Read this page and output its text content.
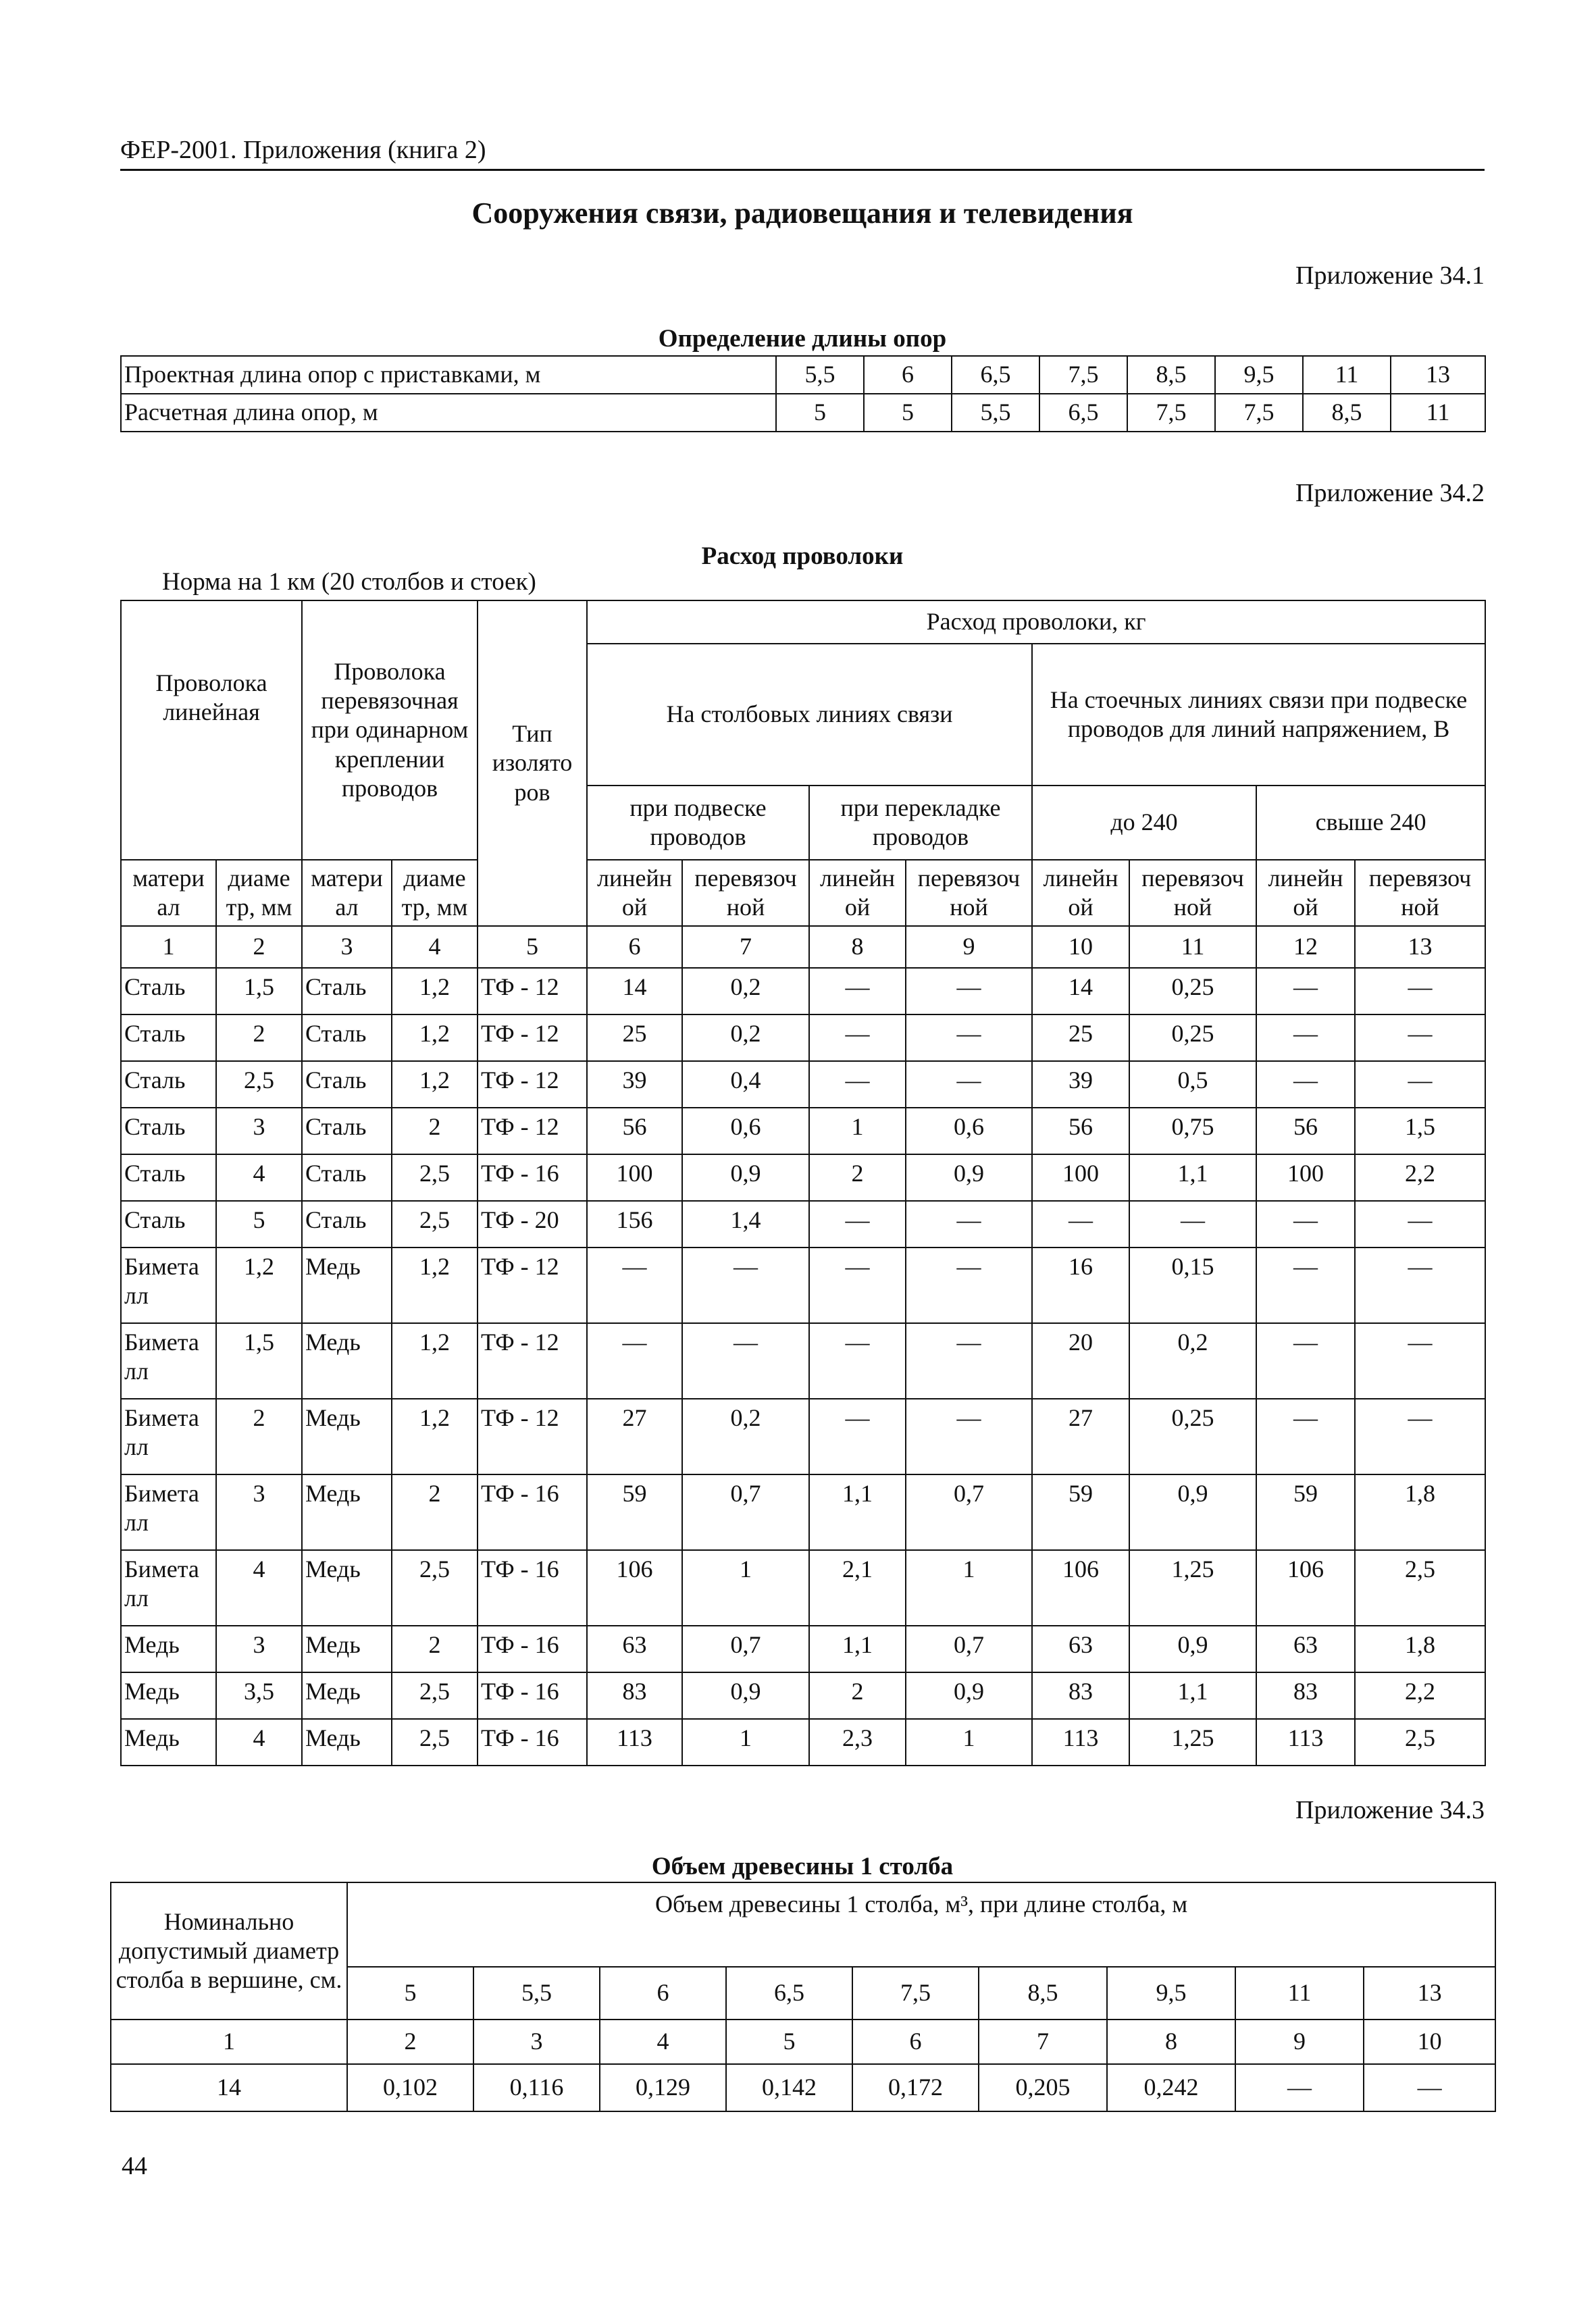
ФЕР-2001. Приложения (книга 2)
Сооружения связи, радиовещания и телевидения
Приложение 34.1
Определение длины опор
Проектная длина опор с приставками, м	5,5	6	6,5	7,5	8,5	9,5	11	13
Расчетная длина опор, м	5	5	5,5	6,5	7,5	7,5	8,5	11
Приложение 34.2
Расход проволоки
Норма на 1 км (20 столбов и стоек)
Проволока линейная		Проволока перевязочная при одинарном креплении проводов		Тип изолято ров	Расход проволоки, кг							
					На столбовых линиях связи				На стоечных линиях связи при подвеске проводов для линий напряжением, В			
					при подвеске проводов		при перекладке проводов		до 240		свыше 240	
матери ал	диаме тр, мм	матери ал	диаме тр, мм		линейн ой	перевязоч ной	линейн ой	перевязоч ной	линейн ой	перевязоч ной	линейн ой	перевязоч ной

1	2	3	4	5	6	7	8	9	10	11	12	13
Сталь	1,5	Сталь	1,2	ТФ - 12	14	0,2	—	—	14	0,25	—	—
Сталь	2	Сталь	1,2	ТФ - 12	25	0,2	—	—	25	0,25	—	—
Сталь	2,5	Сталь	1,2	ТФ - 12	39	0,4	—	—	39	0,5	—	—
Сталь	3	Сталь	2	ТФ - 12	56	0,6	1	0,6	56	0,75	56	1,5
Сталь	4	Сталь	2,5	ТФ - 16	100	0,9	2	0,9	100	1,1	100	2,2
Сталь	5	Сталь	2,5	ТФ - 20	156	1,4	—	—	—	—	—	—
Бимета лл	1,2	Медь	1,2	ТФ - 12	—	—	—	—	16	0,15	—	—
Бимета лл	1,5	Медь	1,2	ТФ - 12	—	—	—	—	20	0,2	—	—
Бимета лл	2	Медь	1,2	ТФ - 12	27	0,2	—	—	27	0,25	—	—
Бимета лл	3	Медь	2	ТФ - 16	59	0,7	1,1	0,7	59	0,9	59	1,8
Бимета лл	4	Медь	2,5	ТФ - 16	106	1	2,1	1	106	1,25	106	2,5
Медь	3	Медь	2	ТФ - 16	63	0,7	1,1	0,7	63	0,9	63	1,8
Медь	3,5	Медь	2,5	ТФ - 16	83	0,9	2	0,9	83	1,1	83	2,2
Медь	4	Медь	2,5	ТФ - 16	113	1	2,3	1	113	1,25	113	2,5
Приложение 34.3
Объем древесины 1 столба
Номинально допустимый диаметр столба в вершине, см.	Объем древесины 1 столба, м³, при длине столба, м								
	5	5,5	6	6,5	7,5	8,5	9,5	11	13
1	2	3	4	5	6	7	8	9	10
14	0,102	0,116	0,129	0,142	0,172	0,205	0,242	—	—
44
